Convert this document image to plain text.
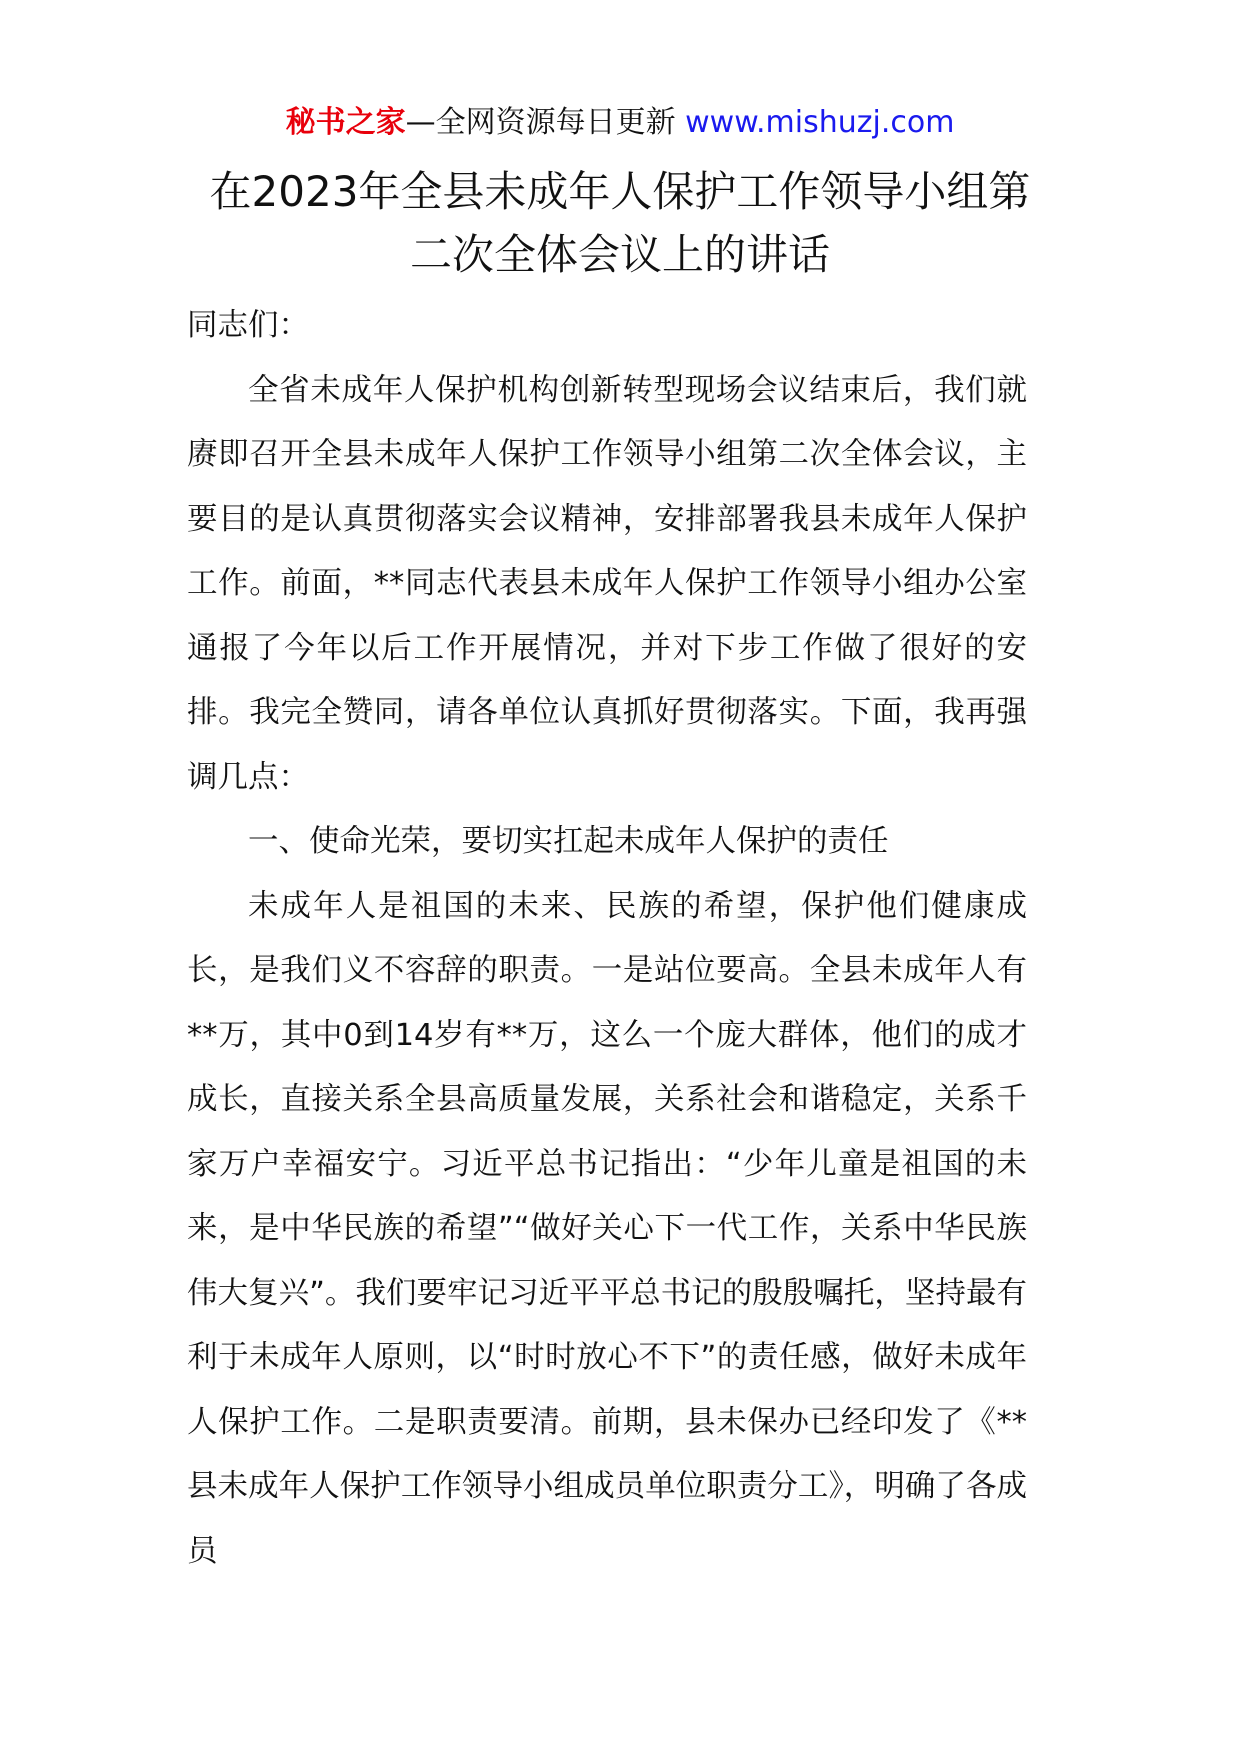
秘书之家—全网资源每日更新 www.mishuzj.com
在2023年全县未成年人保护工作领导小组第二次全体会议上的讲话

同志们：

全省未成年人保护机构创新转型现场会议结束后，我们就赓即召开全县未成年人保护工作领导小组第二次全体会议，主要目的是认真贯彻落实会议精神，安排部署我县未成年人保护工作。前面，**同志代表县未成年人保护工作领导小组办公室通报了今年以后工作开展情况，并对下步工作做了很好的安排。我完全赞同，请各单位认真抓好贯彻落实。下面，我再强调几点：

一、使命光荣，要切实扛起未成年人保护的责任

未成年人是祖国的未来、民族的希望，保护他们健康成长，是我们义不容辞的职责。一是站位要高。全县未成年人有**万，其中0到14岁有**万，这么一个庞大群体，他们的成才成长，直接关系全县高质量发展，关系社会和谐稳定，关系千家万户幸福安宁。习近平总书记指出：“少年儿童是祖国的未来，是中华民族的希望”“做好关心下一代工作，关系中华民族伟大复兴”。我们要牢记习近平平总书记的殷殷嘱托，坚持最有利于未成年人原则，以“时时放心不下”的责任感，做好未成年人保护工作。二是职责要清。前期，县未保办已经印发了《**县未成年人保护工作领导小组成员单位职责分工》，明确了各成员
